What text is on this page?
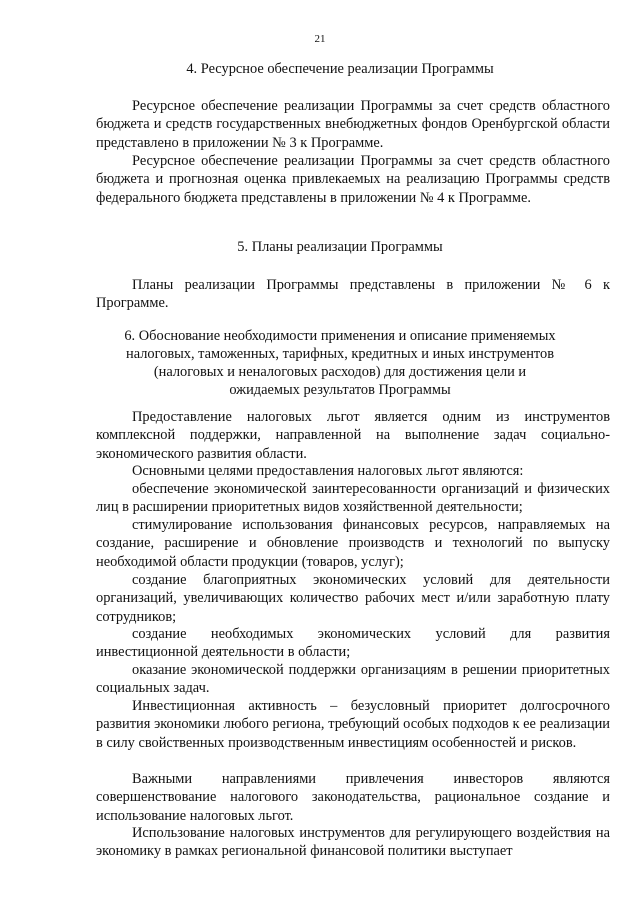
21
4. Ресурсное обеспечение реализации Программы
Ресурсное обеспечение реализации Программы за счет средств областного бюджета и средств государственных внебюджетных фондов Оренбургской области представлено в приложении № 3 к Программе.
Ресурсное обеспечение реализации Программы за счет средств областного бюджета и прогнозная оценка привлекаемых на реализацию Программы средств федерального бюджета представлены в приложении № 4 к Программе.
5. Планы реализации Программы
Планы реализации Программы представлены в приложении № 6 к Программе.
6. Обоснование необходимости применения и описание применяемых
налоговых, таможенных, тарифных, кредитных и иных инструментов
(налоговых и неналоговых расходов) для достижения цели и
ожидаемых результатов Программы
Предоставление налоговых льгот является одним из инструментов комплексной поддержки, направленной на выполнение задач социально-экономического развития области.
Основными целями предоставления налоговых льгот являются:
обеспечение экономической заинтересованности организаций и физических лиц в расширении приоритетных видов хозяйственной деятельности;
стимулирование использования финансовых ресурсов, направляемых на создание, расширение и обновление производств и технологий по выпуску необходимой области продукции (товаров, услуг);
создание благоприятных экономических условий для деятельности организаций, увеличивающих количество рабочих мест и/или заработную плату сотрудников;
создание необходимых экономических условий для развития инвестиционной деятельности в области;
оказание экономической поддержки организациям в решении приоритетных социальных задач.
Инвестиционная активность – безусловный приоритет долгосрочного развития экономики любого региона, требующий особых подходов к ее реализации в силу свойственных производственным инвестициям особенностей и рисков.
Важными направлениями привлечения инвесторов являются совершенствование налогового законодательства, рациональное создание и использование налоговых льгот.
Использование налоговых инструментов для регулирующего воздействия на экономику в рамках региональной финансовой политики выступает
